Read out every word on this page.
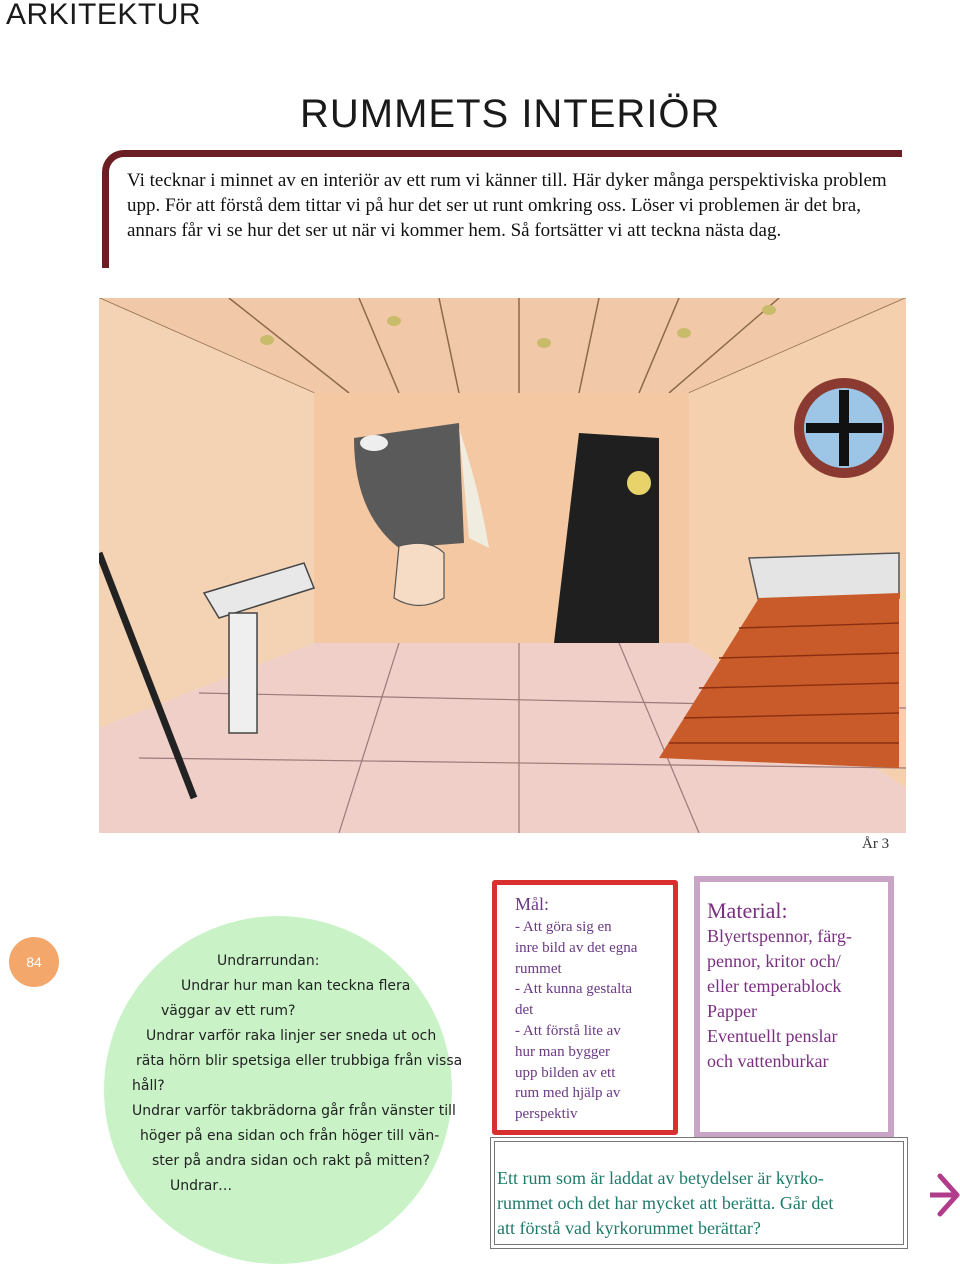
ARKITEKTUR
RUMMETS INTERIÖR
Vi tecknar i minnet av en interiör av ett rum vi känner till. Här dyker många perspektiviska problem upp. För att förstå dem tittar vi på hur det ser ut runt omkring oss. Löser vi problemen är det bra, annars får vi se hur det ser ut när vi kommer hem. Så fortsätter vi att teckna nästa dag.
År 3
84	Undrarrundan:
Undrar hur man kan teckna flera
väggar av ett rum?
Undrar varför raka linjer ser sneda ut och
räta hörn blir spetsiga eller trubbiga från vissa
håll?
Undrar varför takbrädorna går från vänster till
höger på ena sidan och från höger till vän-
ster på andra sidan och rakt på mitten?
Undrar…
Mål:
- Att göra sig en
inre bild av det egna
rummet
- Att kunna gestalta
det
- Att förstå lite av
hur man bygger
upp bilden av ett
rum med hjälp av
perspektiv
Material:
Blyertspennor, färg-
pennor, kritor och/
eller temperablock
Papper
Eventuellt penslar
och vattenburkar
Ett rum som är laddat av betydelser är kyrko-
rummet och det har mycket att berätta. Går det
att förstå vad kyrkorummet berättar?
